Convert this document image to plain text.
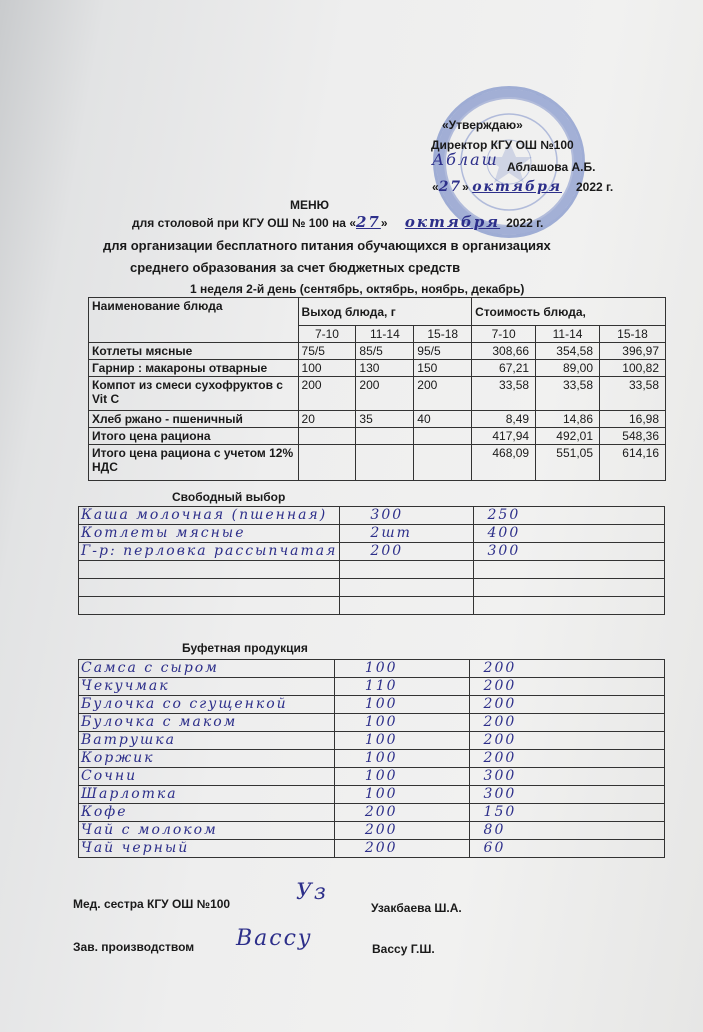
«Утверждаю»
Директор КГУ ОШ №100
Аблаш Аблашова А.Б.
«27» октября 2022 г.
МЕНЮ
для столовой при КГУ ОШ № 100 на «27» октября 2022 г.
для организации бесплатного питания обучающихся в организациях
среднего образования за счет бюджетных средств
1 неделя 2-й день (сентябрь, октябрь, ноябрь, декабрь)
Наименование блюда	Выход блюда, г			Стоимость блюда,		
	7-10	11-14	15-18	7-10	11-14	15-18
Котлеты мясные	75/5	85/5	95/5	308,66	354,58	396,97
Гарнир : макароны отварные	100	130	150	67,21	89,00	100,82
Компот из смеси сухофруктов с Vit C	200	200	200	33,58	33,58	33,58
Хлеб ржано - пшеничный	20	35	40	8,49	14,86	16,98
Итого цена рациона				417,94	492,01	548,36
Итого цена рациона с учетом 12% НДС				468,09	551,05	614,16
Свободный выбор
Каша молочная (пшенная)	300	250
Котлеты мясные	2шт	400
Г-р: перловка рассыпчатая	200	300

Буфетная продукция
Самса с сыром	100	200
Чекучмак	110	200
Булочка со сгущенкой	100	200
Булочка с маком	100	200
Ватрушка	100	200
Коржик	100	200
Сочни	100	300
Шарлотка	100	300
Кофе	200	150
Чай с молоком	200	80
Чай черный	200	60
Мед. сестра КГУ ОШ №100	Уз
Узакбаева Ш.А.
Зав. производством Вассу	Вассу Г.Ш.
